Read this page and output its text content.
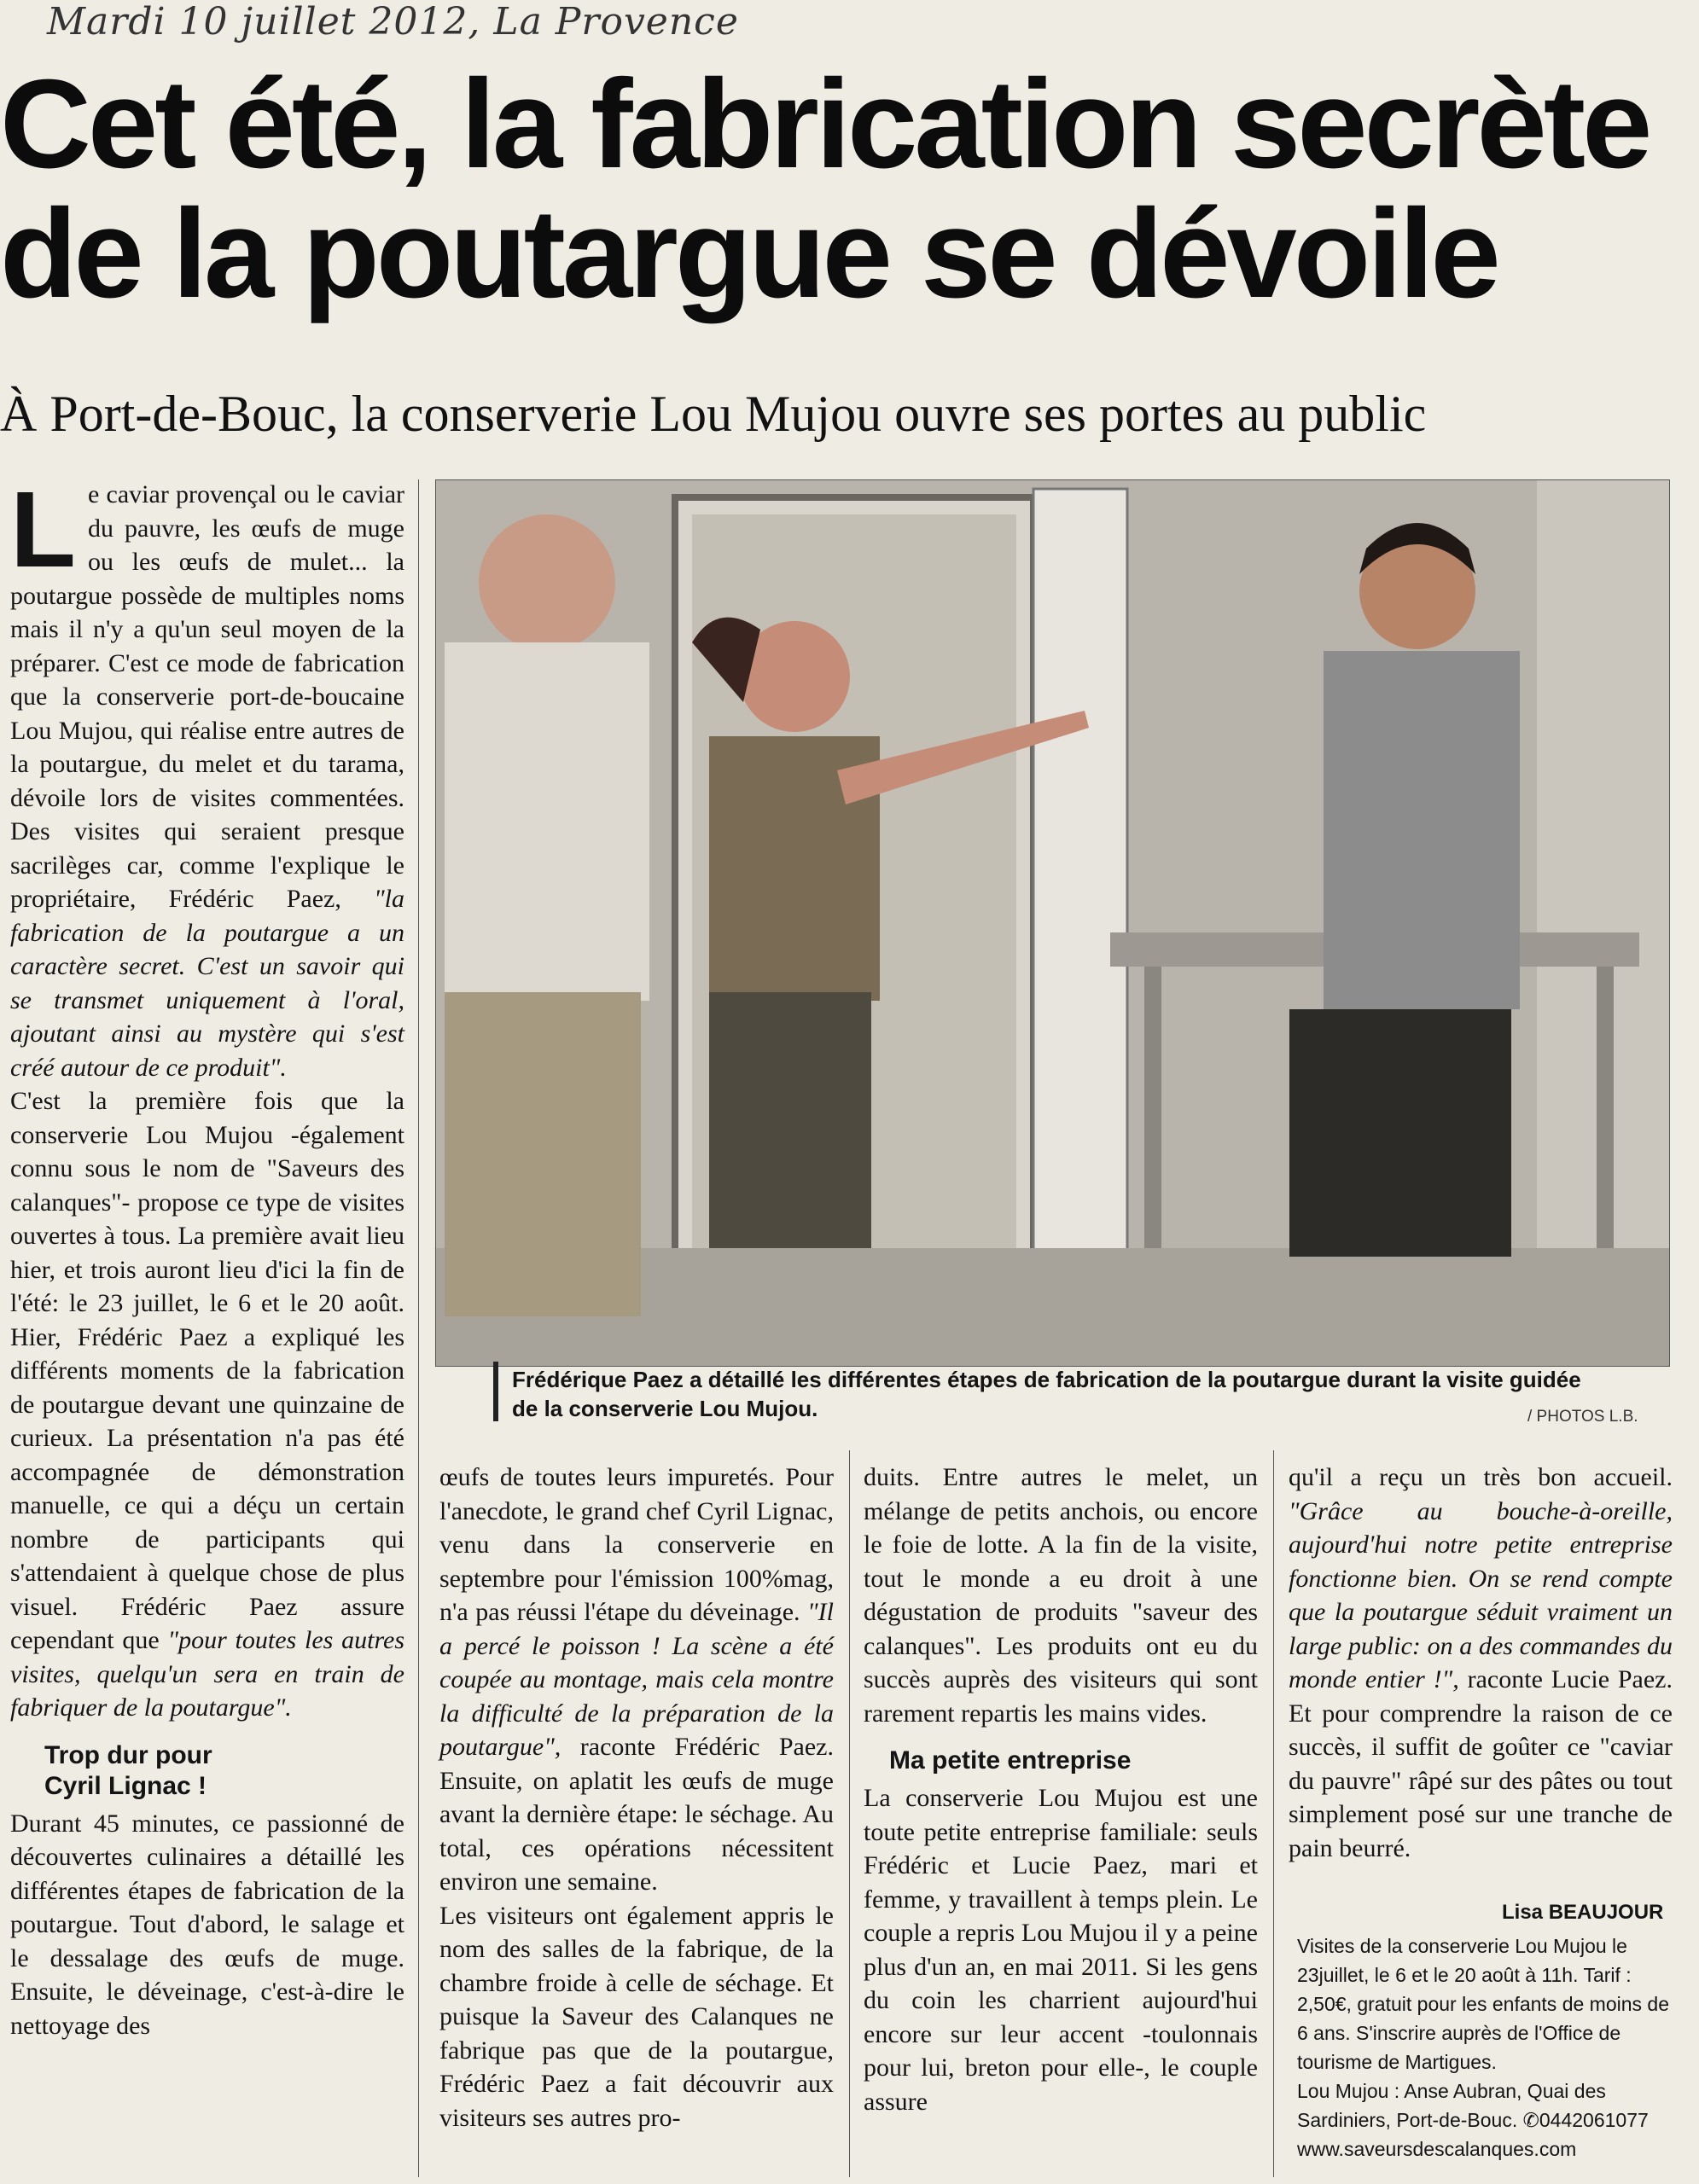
Mardi 10 juillet 2012, La Provence
Cet été, la fabrication secrète
de la poutargue se dévoile
À Port-de-Bouc, la conserverie Lou Mujou ouvre ses portes au public

Le caviar provençal ou le caviar du pauvre, les œufs de muge ou les œufs de mulet... la poutargue possède de multiples noms mais il n'y a qu'un seul moyen de la préparer. C'est ce mode de fabrication que la conserverie port-de-boucaine Lou Mujou, qui réalise entre autres de la poutargue, du melet et du tarama, dévoile lors de visites commentées. Des visites qui seraient presque sacrilèges car, comme l'explique le propriétaire, Frédéric Paez, "la fabrication de la poutargue a un caractère secret. C'est un savoir qui se transmet uniquement à l'oral, ajoutant ainsi au mystère qui s'est créé autour de ce produit".

C'est la première fois que la conserverie Lou Mujou -également connu sous le nom de "Saveurs des calanques"- propose ce type de visites ouvertes à tous. La première avait lieu hier, et trois auront lieu d'ici la fin de l'été: le 23 juillet, le 6 et le 20 août. Hier, Frédéric Paez a expliqué les différents moments de la fabrication de poutargue devant une quinzaine de curieux. La présentation n'a pas été accompagnée de démonstration manuelle, ce qui a déçu un certain nombre de participants qui s'attendaient à quelque chose de plus visuel. Frédéric Paez assure cependant que "pour toutes les autres visites, quelqu'un sera en train de fabriquer de la poutargue".

Trop dur pour
Cyril Lignac !

Durant 45 minutes, ce passionné de découvertes culinaires a détaillé les différentes étapes de fabrication de la poutargue. Tout d'abord, le salage et le dessalage des œufs de muge. Ensuite, le déveinage, c'est-à-dire le nettoyage des

Frédérique Paez a détaillé les différentes étapes de fabrication de la poutargue durant la visite guidée
de la conserverie Lou Mujou.	/ PHOTOS L.B.

œufs de toutes leurs impuretés. Pour l'anecdote, le grand chef Cyril Lignac, venu dans la conserverie en septembre pour l'émission 100%mag, n'a pas réussi l'étape du déveinage. "Il a percé le poisson ! La scène a été coupée au montage, mais cela montre la difficulté de la préparation de la poutargue", raconte Frédéric Paez. Ensuite, on aplatit les œufs de muge avant la dernière étape: le séchage. Au total, ces opérations nécessitent environ une semaine.

Les visiteurs ont également appris le nom des salles de la fabrique, de la chambre froide à celle de séchage. Et puisque la Saveur des Calanques ne fabrique pas que de la poutargue, Frédéric Paez a fait découvrir aux visiteurs ses autres pro-

duits. Entre autres le melet, un mélange de petits anchois, ou encore le foie de lotte. A la fin de la visite, tout le monde a eu droit à une dégustation de produits "saveur des calanques". Les produits ont eu du succès auprès des visiteurs qui sont rarement repartis les mains vides.

Ma petite entreprise

La conserverie Lou Mujou est une toute petite entreprise familiale: seuls Frédéric et Lucie Paez, mari et femme, y travaillent à temps plein. Le couple a repris Lou Mujou il y a peine plus d'un an, en mai 2011. Si les gens du coin les charrient aujourd'hui encore sur leur accent -toulonnais pour lui, breton pour elle-, le couple assure

qu'il a reçu un très bon accueil. "Grâce au bouche-à-oreille, aujourd'hui notre petite entreprise fonctionne bien. On se rend compte que la poutargue séduit vraiment un large public: on a des commandes du monde entier !", raconte Lucie Paez. Et pour comprendre la raison de ce succès, il suffit de goûter ce "caviar du pauvre" râpé sur des pâtes ou tout simplement posé sur une tranche de pain beurré.

Lisa BEAUJOUR

Visites de la conserverie Lou Mujou le 23juillet, le 6 et le 20 août à 11h. Tarif : 2,50€, gratuit pour les enfants de moins de 6 ans. S'inscrire auprès de l'Office de tourisme de Martigues.

Lou Mujou : Anse Aubran, Quai des Sardiniers, Port-de-Bouc. ✆0442061077

www.saveursdescalanques.com
